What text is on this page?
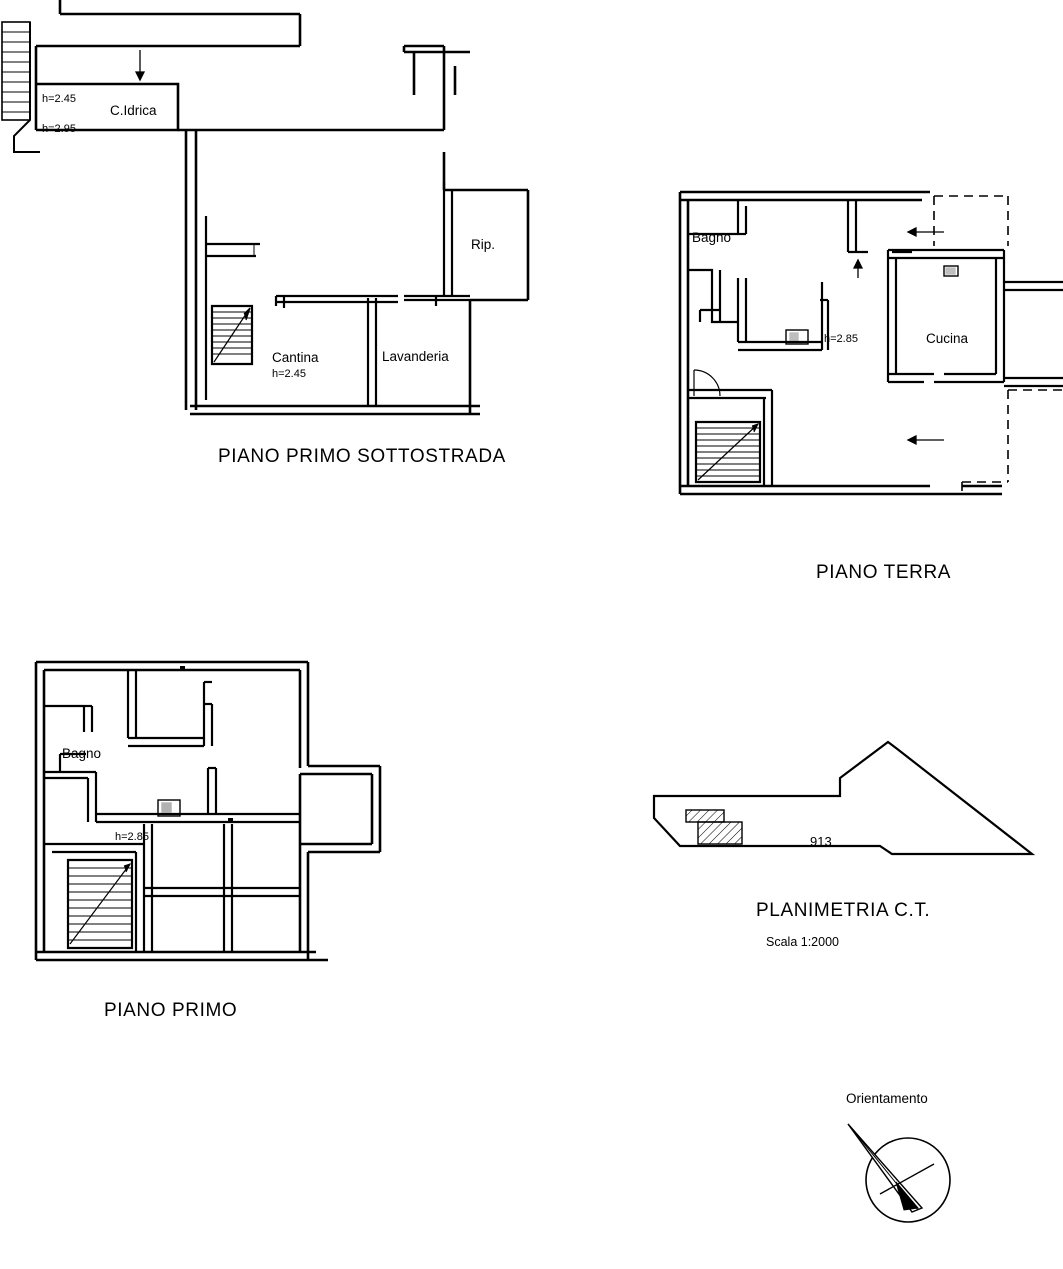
h=2.45
h=2.95
C.Idrica
Rip.
Cantina
h=2.45
Lavanderia
PIANO PRIMO SOTTOSTRADA
Bagno
h=2.85	Cucina
PIANO TERRA
Bagno
h=2.85
PIANO PRIMO
913
PLANIMETRIA C.T.
Scala 1:2000
Orientamento
